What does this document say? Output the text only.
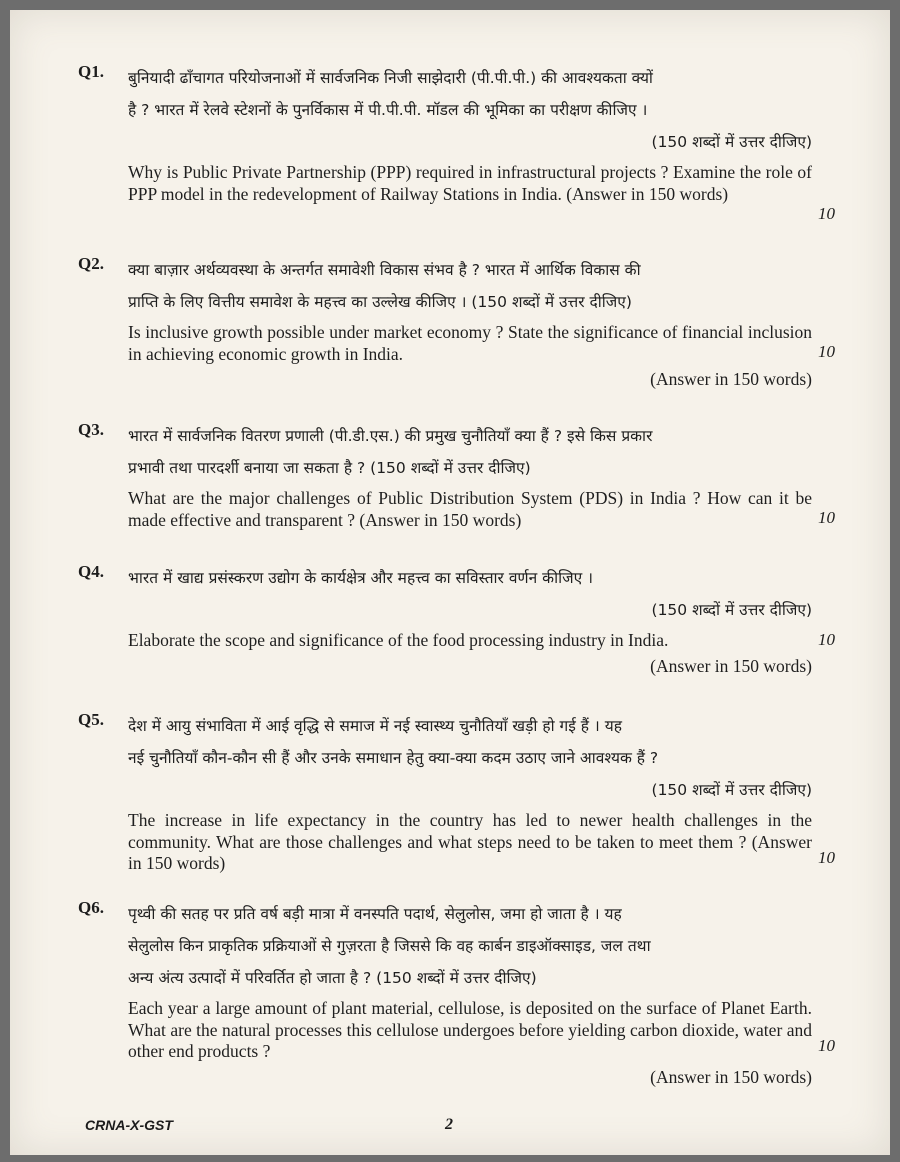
Q1. बुनियादी ढाँचागत परियोजनाओं में सार्वजनिक निजी साझेदारी (पी.पी.पी.) की आवश्यकता क्यों
है ? भारत में रेलवे स्टेशनों के पुनर्विकास में पी.पी.पी. मॉडल की भूमिका का परीक्षण कीजिए ।
(150 शब्दों में उत्तर दीजिए)
Why is Public Private Partnership (PPP) required in infrastructural projects ? Examine the role of PPP model in the redevelopment of Railway Stations in India. (Answer in 150 words)
10
Q2. क्या बाज़ार अर्थव्यवस्था के अन्तर्गत समावेशी विकास संभव है ? भारत में आर्थिक विकास की
प्राप्ति के लिए वित्तीय समावेश के महत्त्व का उल्लेख कीजिए । (150 शब्दों में उत्तर दीजिए)
Is inclusive growth possible under market economy ? State the significance of financial inclusion in achieving economic growth in India.
(Answer in 150 words)
10
Q3. भारत में सार्वजनिक वितरण प्रणाली (पी.डी.एस.) की प्रमुख चुनौतियाँ क्या हैं ? इसे किस प्रकार
प्रभावी तथा पारदर्शी बनाया जा सकता है ? (150 शब्दों में उत्तर दीजिए)
What are the major challenges of Public Distribution System (PDS) in India ? How can it be made effective and transparent ? (Answer in 150 words)	10
Q4. भारत में खाद्य प्रसंस्करण उद्योग के कार्यक्षेत्र और महत्त्व का सविस्तार वर्णन कीजिए ।
(150 शब्दों में उत्तर दीजिए)
Elaborate the scope and significance of the food processing industry in India.
(Answer in 150 words)
10
Q5. देश में आयु संभाविता में आई वृद्धि से समाज में नई स्वास्थ्य चुनौतियाँ खड़ी हो गई हैं । यह
नई चुनौतियाँ कौन-कौन सी हैं और उनके समाधान हेतु क्या-क्या कदम उठाए जाने आवश्यक हैं ?
(150 शब्दों में उत्तर दीजिए)
The increase in life expectancy in the country has led to newer health challenges in the community. What are those challenges and what steps need to be taken to meet them ? (Answer in 150 words)	10
Q6. पृथ्वी की सतह पर प्रति वर्ष बड़ी मात्रा में वनस्पति पदार्थ, सेलुलोस, जमा हो जाता है । यह
सेलुलोस किन प्राकृतिक प्रक्रियाओं से गुज़रता है जिससे कि वह कार्बन डाइऑक्साइड, जल तथा
अन्य अंत्य उत्पादों में परिवर्तित हो जाता है ? (150 शब्दों में उत्तर दीजिए)
Each year a large amount of plant material, cellulose, is deposited on the surface of Planet Earth. What are the natural processes this cellulose undergoes before yielding carbon dioxide, water and other end products ?
(Answer in 150 words)
10
CRNA-X-GST	2
